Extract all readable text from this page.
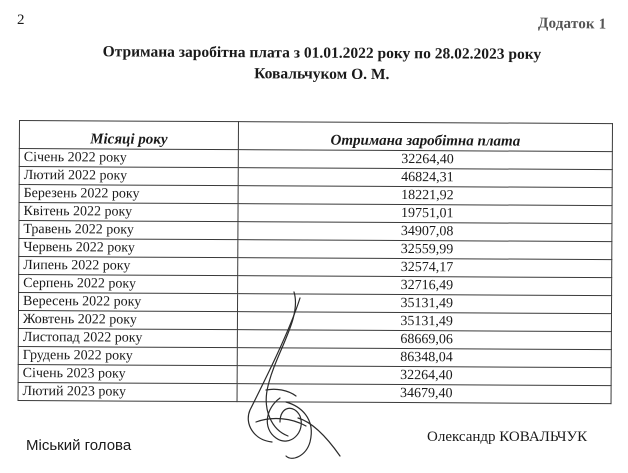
2	Додаток 1
Отримана заробітна плата з 01.01.2022 року по 28.02.2023 року
Ковальчуком О. М.
Місяці року	Отримана заробітна плата
Січень 2022 року	32264,40
Лютий 2022 року	46824,31
Березень 2022 року	18221,92
Квітень 2022 року	19751,01
Травень 2022 року	34907,08
Червень 2022 року	32559,99
Липень 2022 року	32574,17
Серпень 2022 року	32716,49
Вересень 2022 року	35131,49
Жовтень 2022 року	35131,49
Листопад 2022 року	68669,06
Грудень 2022 року	86348,04
Січень 2023 року	32264,40
Лютий 2023 року	34679,40
Міський голова	Олександр КОВАЛЬЧУК
